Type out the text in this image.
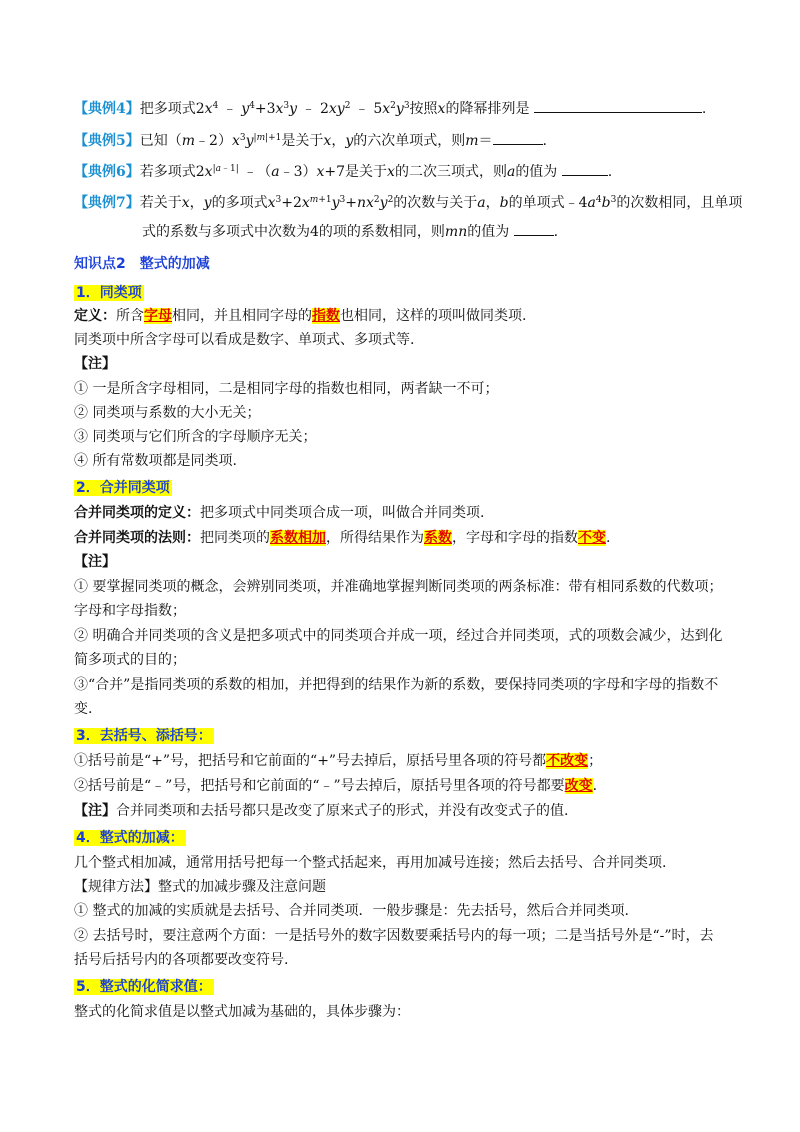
【典例4】把多项式$2x^4$ ﹣ $y^4+3x^3y$ ﹣ $2xy^2$ ﹣ $5x^2y^3$按照x的降幂排列是	.
【典例5】已知$(m﹣2)x^3y^{|m|+1}$是关于x，y的六次单项式，则m＝	.
【典例6】若多项式$2x^{|a﹣1|}$ ﹣（a﹣3）x+7是关于x的二次三项式，则a的值为	.
【典例7】若关于x，y的多项式$x^3+2x^{m+1}y^3+nx^2y^2$的次数与关于a，b的单项式$﹣4a^4b^3$的次数相同，且单项
式的系数与多项式中次数为4的项的系数相同，则mn的值为	.
知识点2　整式的加减
1．同类项
定义：所含字母相同，并且相同字母的指数也相同，这样的项叫做同类项.
同类项中所含字母可以看成是数字、单项式、多项式等.
【注】
① 一是所含字母相同，二是相同字母的指数也相同，两者缺一不可；
② 同类项与系数的大小无关；
③ 同类项与它们所含的字母顺序无关；
④ 所有常数项都是同类项.
2．合并同类项
合并同类项的定义：把多项式中同类项合成一项，叫做合并同类项.
合并同类项的法则：把同类项的系数相加，所得结果作为系数，字母和字母的指数不变.
【注】
① 要掌握同类项的概念，会辨别同类项，并准确地掌握判断同类项的两条标准：带有相同系数的代数项；
字母和字母指数；
② 明确合并同类项的含义是把多项式中的同类项合并成一项，经过合并同类项，式的项数会减少，达到化
简多项式的目的；
③“合并”是指同类项的系数的相加，并把得到的结果作为新的系数，要保持同类项的字母和字母的指数不
变.
3．去括号、添括号：
①括号前是“+”号，把括号和它前面的“+”号去掉后，原括号里各项的符号都不改变；
②括号前是“﹣”号，把括号和它前面的“﹣”号去掉后，原括号里各项的符号都要改变.
【注】合并同类项和去括号都只是改变了原来式子的形式，并没有改变式子的值.
4．整式的加减：
几个整式相加减，通常用括号把每一个整式括起来，再用加减号连接；然后去括号、合并同类项.
【规律方法】整式的加减步骤及注意问题
① 整式的加减的实质就是去括号、合并同类项．一般步骤是：先去括号，然后合并同类项.
② 去括号时，要注意两个方面：一是括号外的数字因数要乘括号内的每一项；二是当括号外是“-”时，去
括号后括号内的各项都要改变符号.
5．整式的化简求值：
整式的化简求值是以整式加减为基础的，具体步骤为：
